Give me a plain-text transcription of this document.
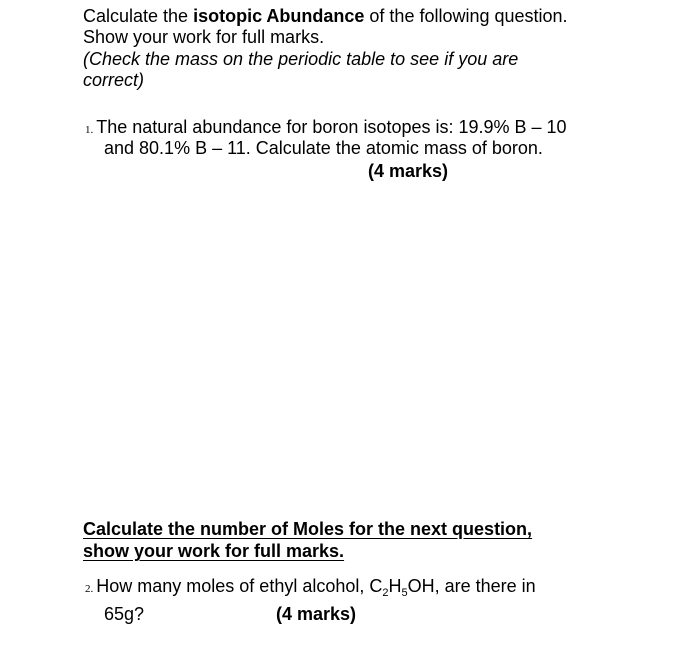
Calculate the isotopic Abundance of the following question.
Show your work for full marks.
(Check the mass on the periodic table to see if you are
correct)
1. The natural abundance for boron isotopes is: 19.9% B – 10
and 80.1% B – 11. Calculate the atomic mass of boron.
(4 marks)
Calculate the number of Moles for the next question,
show your work for full marks.
2. How many moles of ethyl alcohol, $C_2H_5OH$, are there in
65g?	(4 marks)
